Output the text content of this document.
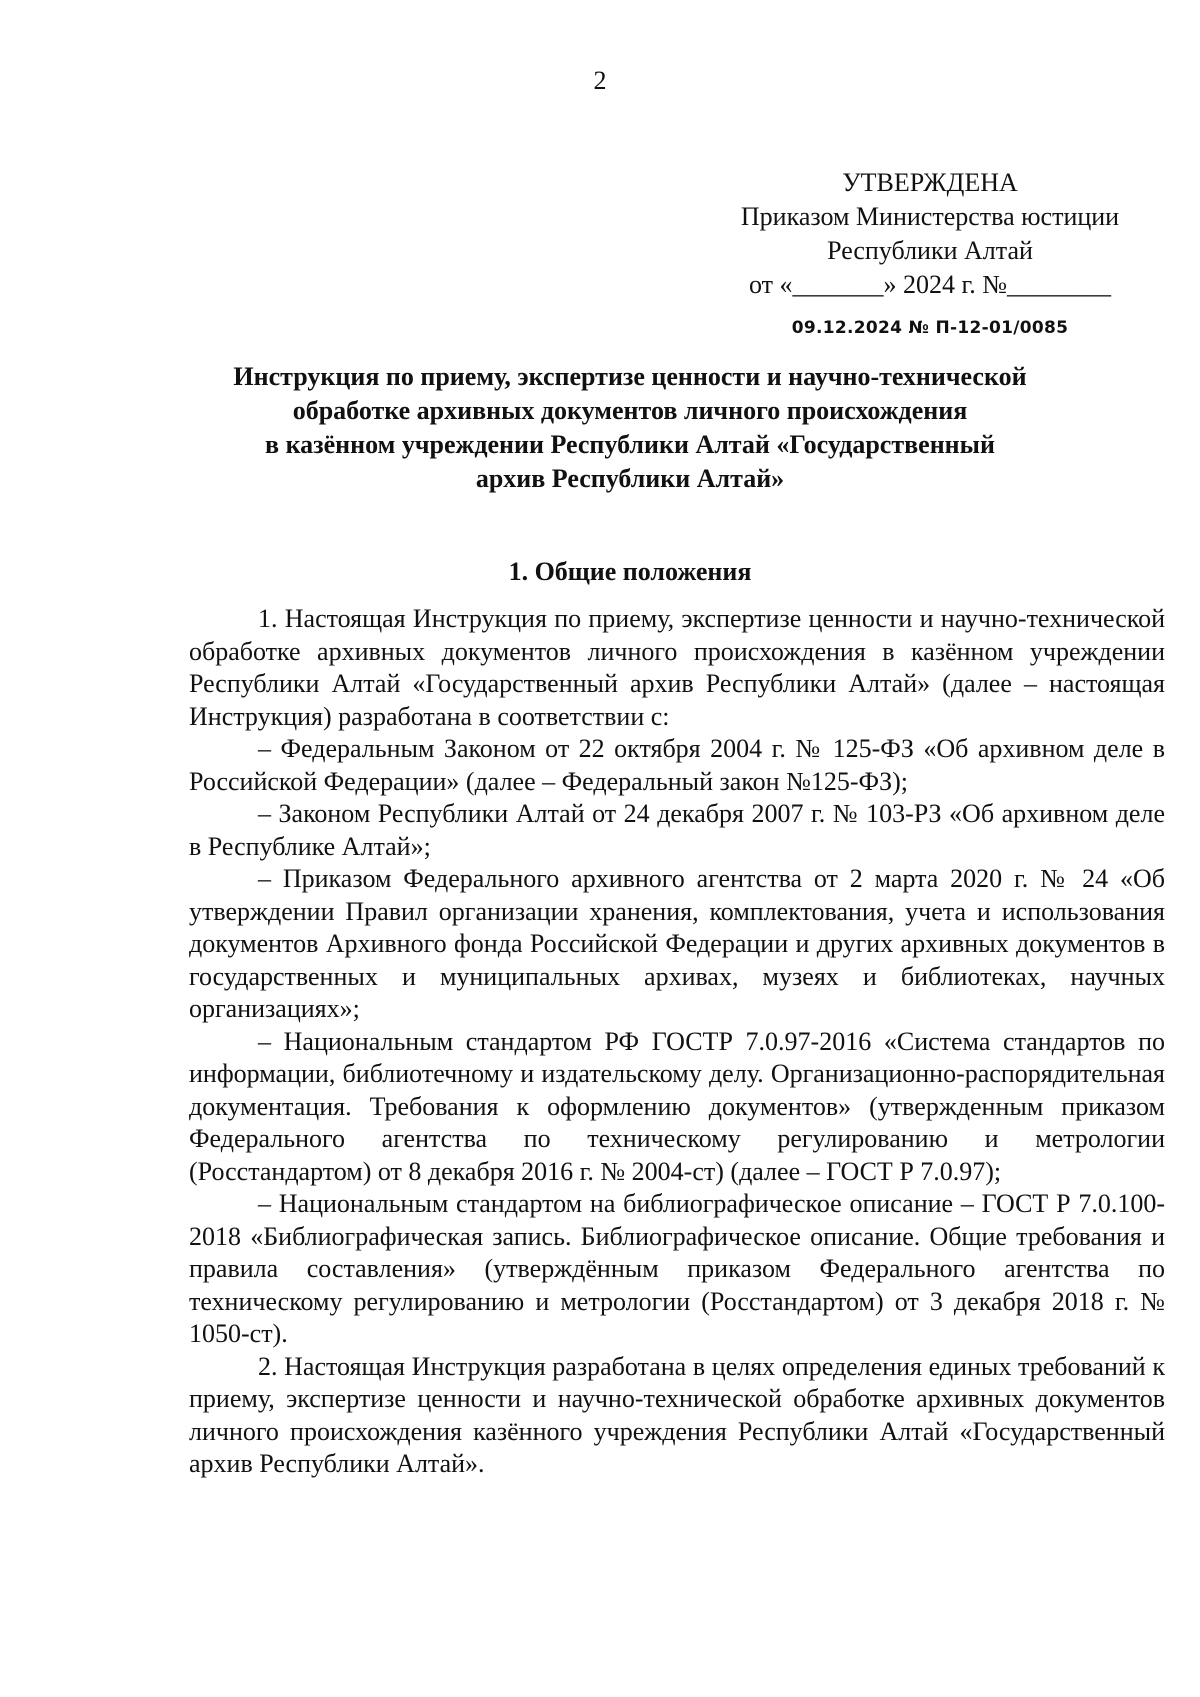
2
УТВЕРЖДЕНА
Приказом Министерства юстиции
Республики Алтай
от «_______» 2024 г. №________
09.12.2024 № П-12-01/0085
Инструкция по приему, экспертизе ценности и научно-технической
обработке архивных документов личного происхождения
в казённом учреждении Республики Алтай «Государственный
архив Республики Алтай»
1. Общие положения

1. Настоящая Инструкция по приему, экспертизе ценности и научно-технической обработке архивных документов личного происхождения в казённом учреждении Республики Алтай «Государственный архив Республики Алтай» (далее – настоящая Инструкция) разработана в соответствии с:

– Федеральным Законом от 22 октября 2004 г. № 125-ФЗ «Об архивном деле в Российской Федерации» (далее – Федеральный закон №125-ФЗ);

– Законом Республики Алтай от 24 декабря 2007 г. № 103-РЗ «Об архивном деле в Республике Алтай»;

– Приказом Федерального архивного агентства от 2 марта 2020 г. № 24 «Об утверждении Правил организации хранения, комплектования, учета и использования документов Архивного фонда Российской Федерации и других архивных документов в государственных и муниципальных архивах, музеях и библиотеках, научных организациях»;

– Национальным стандартом РФ ГОСТР 7.0.97-2016 «Система стандартов по информации, библиотечному и издательскому делу. Организационно-распорядительная документация. Требования к оформлению документов» (утвержденным приказом Федерального агентства по техническому регулированию и метрологии (Росстандартом) от 8 декабря 2016 г. № 2004-ст) (далее – ГОСТ Р 7.0.97);

– Национальным стандартом на библиографическое описание – ГОСТ Р 7.0.100-2018 «Библиографическая запись. Библиографическое описание. Общие требования и правила составления» (утверждённым приказом Федерального агентства по техническому регулированию и метрологии (Росстандартом) от 3 декабря 2018 г. № 1050-ст).

2. Настоящая Инструкция разработана в целях определения единых требований к приему, экспертизе ценности и научно-технической обработке архивных документов личного происхождения казённого учреждения Республики Алтай «Государственный архив Республики Алтай».
